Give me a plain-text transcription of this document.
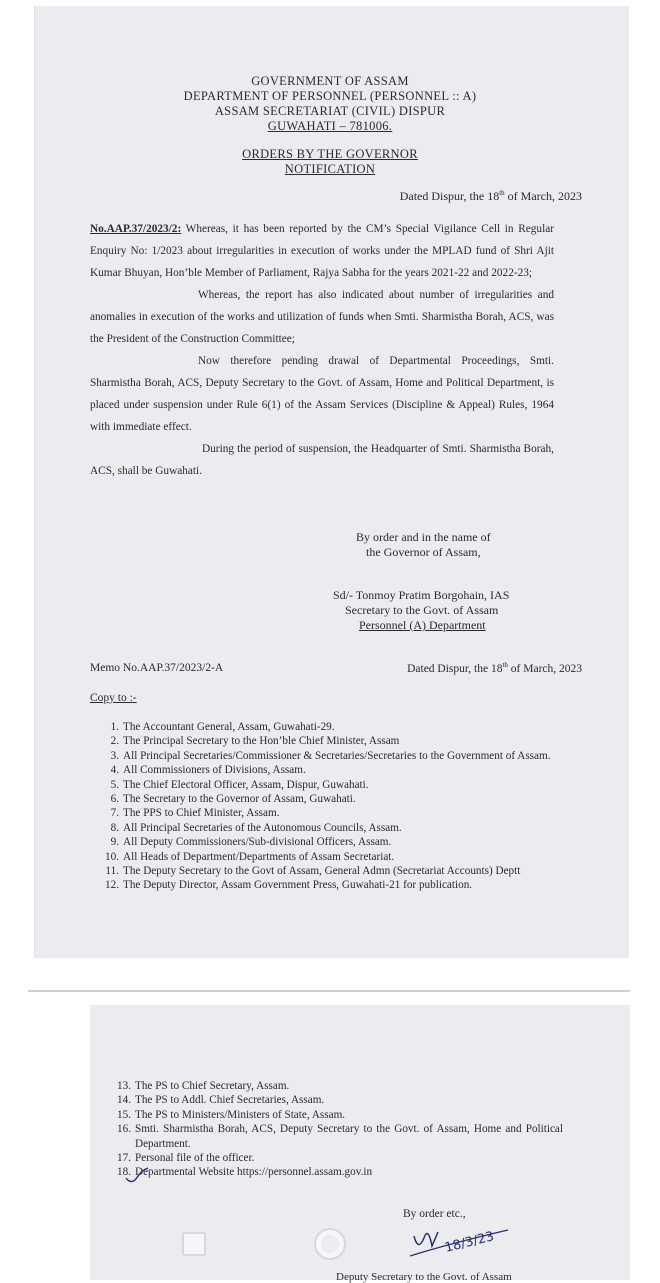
GOVERNMENT OF ASSAM
DEPARTMENT OF PERSONNEL (PERSONNEL :: A)
ASSAM SECRETARIAT (CIVIL) DISPUR
GUWAHATI – 781006.
ORDERS BY THE GOVERNOR
NOTIFICATION
Dated Dispur, the 18th of March, 2023

No.AAP.37/2023/2: Whereas, it has been reported by the CM’s Special Vigilance Cell in Regular Enquiry No: 1/2023 about irregularities in execution of works under the MPLAD fund of Shri Ajit Kumar Bhuyan, Hon’ble Member of Parliament, Rajya Sabha for the years 2021-22 and 2022-23;

Whereas, the report has also indicated about number of irregularities and anomalies in execution of the works and utilization of funds when Smti. Sharmistha Borah, ACS, was the President of the Construction Committee;

Now therefore pending drawal of Departmental Proceedings, Smti. Sharmistha Borah, ACS, Deputy Secretary to the Govt. of Assam, Home and Political Department, is placed under suspension under Rule 6(1) of the Assam Services (Discipline & Appeal) Rules, 1964 with immediate effect.

During the period of suspension, the Headquarter of Smti. Sharmistha Borah, ACS, shall be Guwahati.

By order and in the name of
the Governor of Assam,
Sd/- Tonmoy Pratim Borgohain, IAS
Secretary to the Govt. of Assam
Personnel (A) Department
Memo No.AAP.37/2023/2-A	Dated Dispur, the 18th of March, 2023
Copy to :-
1. The Accountant General, Assam, Guwahati-29.
2. The Principal Secretary to the Hon’ble Chief Minister, Assam
3. All Principal Secretaries/Commissioner & Secretaries/Secretaries to the Government of Assam.
4. All Commissioners of Divisions, Assam.
5. The Chief Electoral Officer, Assam, Dispur, Guwahati.
6. The Secretary to the Governor of Assam, Guwahati.
7. The PPS to Chief Minister, Assam.
8. All Principal Secretaries of the Autonomous Councils, Assam.
9. All Deputy Commissioners/Sub-divisional Officers, Assam.
10. All Heads of Department/Departments of Assam Secretariat.
11. The Deputy Secretary to the Govt of Assam, General Admn (Secretariat Accounts) Deptt
12. The Deputy Director, Assam Government Press, Guwahati-21 for publication.
13. The PS to Chief Secretary, Assam.
14. The PS to Addl. Chief Secretaries, Assam.
15. The PS to Ministers/Ministers of State, Assam.
16. Smti. Sharmistha Borah, ACS, Deputy Secretary to the Govt. of Assam, Home and Political Department.
17. Personal file of the officer.
18. Departmental Website https://personnel.assam.gov.in
By order etc.,
18/3/23
Deputy Secretary to the Govt. of Assam
